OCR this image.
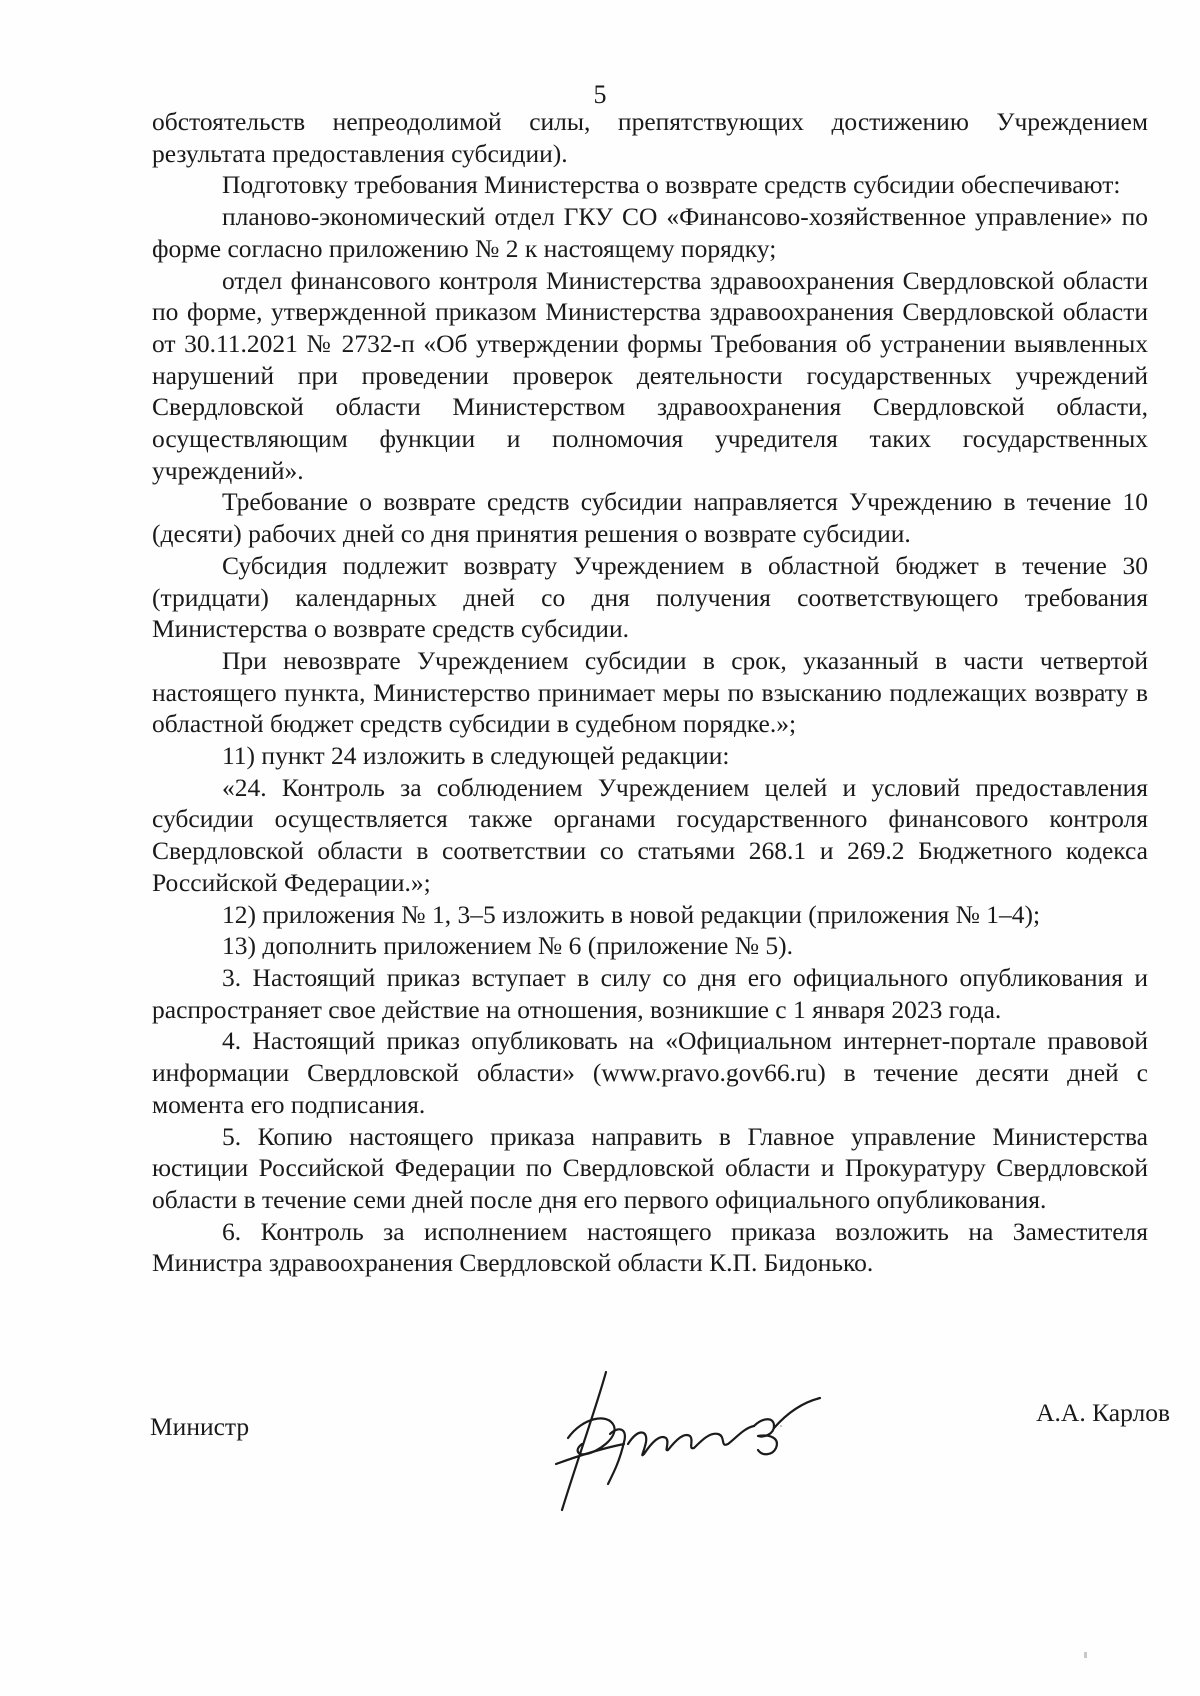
5

обстоятельств непреодолимой силы, препятствующих достижению Учреждением результата предоставления субсидии).

Подготовку требования Министерства о возврате средств субсидии обеспечивают:

планово-экономический отдел ГКУ СО «Финансово-хозяйственное управление» по форме согласно приложению № 2 к настоящему порядку;

отдел финансового контроля Министерства здравоохранения Свердловской области по форме, утвержденной приказом Министерства здравоохранения Свердловской области от 30.11.2021 № 2732-п «Об утверждении формы Требования об устранении выявленных нарушений при проведении проверок деятельности государственных учреждений Свердловской области Министерством здравоохранения Свердловской области, осуществляющим функции и полномочия учредителя таких государственных учреждений».

Требование о возврате средств субсидии направляется Учреждению в течение 10 (десяти) рабочих дней со дня принятия решения о возврате субсидии.

Субсидия подлежит возврату Учреждением в областной бюджет в течение 30 (тридцати) календарных дней со дня получения соответствующего требования Министерства о возврате средств субсидии.

При невозврате Учреждением субсидии в срок, указанный в части четвертой настоящего пункта, Министерство принимает меры по взысканию подлежащих возврату в областной бюджет средств субсидии в судебном порядке.»;

11) пункт 24 изложить в следующей редакции:

«24. Контроль за соблюдением Учреждением целей и условий предоставления субсидии осуществляется также органами государственного финансового контроля Свердловской области в соответствии со статьями 268.1 и 269.2 Бюджетного кодекса Российской Федерации.»;

12) приложения № 1, 3–5 изложить в новой редакции (приложения № 1–4);

13) дополнить приложением № 6 (приложение № 5).

3. Настоящий приказ вступает в силу со дня его официального опубликования и распространяет свое действие на отношения, возникшие с 1 января 2023 года.

4. Настоящий приказ опубликовать на «Официальном интернет-портале правовой информации Свердловской области» (www.pravo.gov66.ru) в течение десяти дней с момента его подписания.

5. Копию настоящего приказа направить в Главное управление Министерства юстиции Российской Федерации по Свердловской области и Прокуратуру Свердловской области в течение семи дней после дня его первого официального опубликования.

6. Контроль за исполнением настоящего приказа возложить на Заместителя Министра здравоохранения Свердловской области К.П. Бидонько.

Министр	А.А. Карлов
